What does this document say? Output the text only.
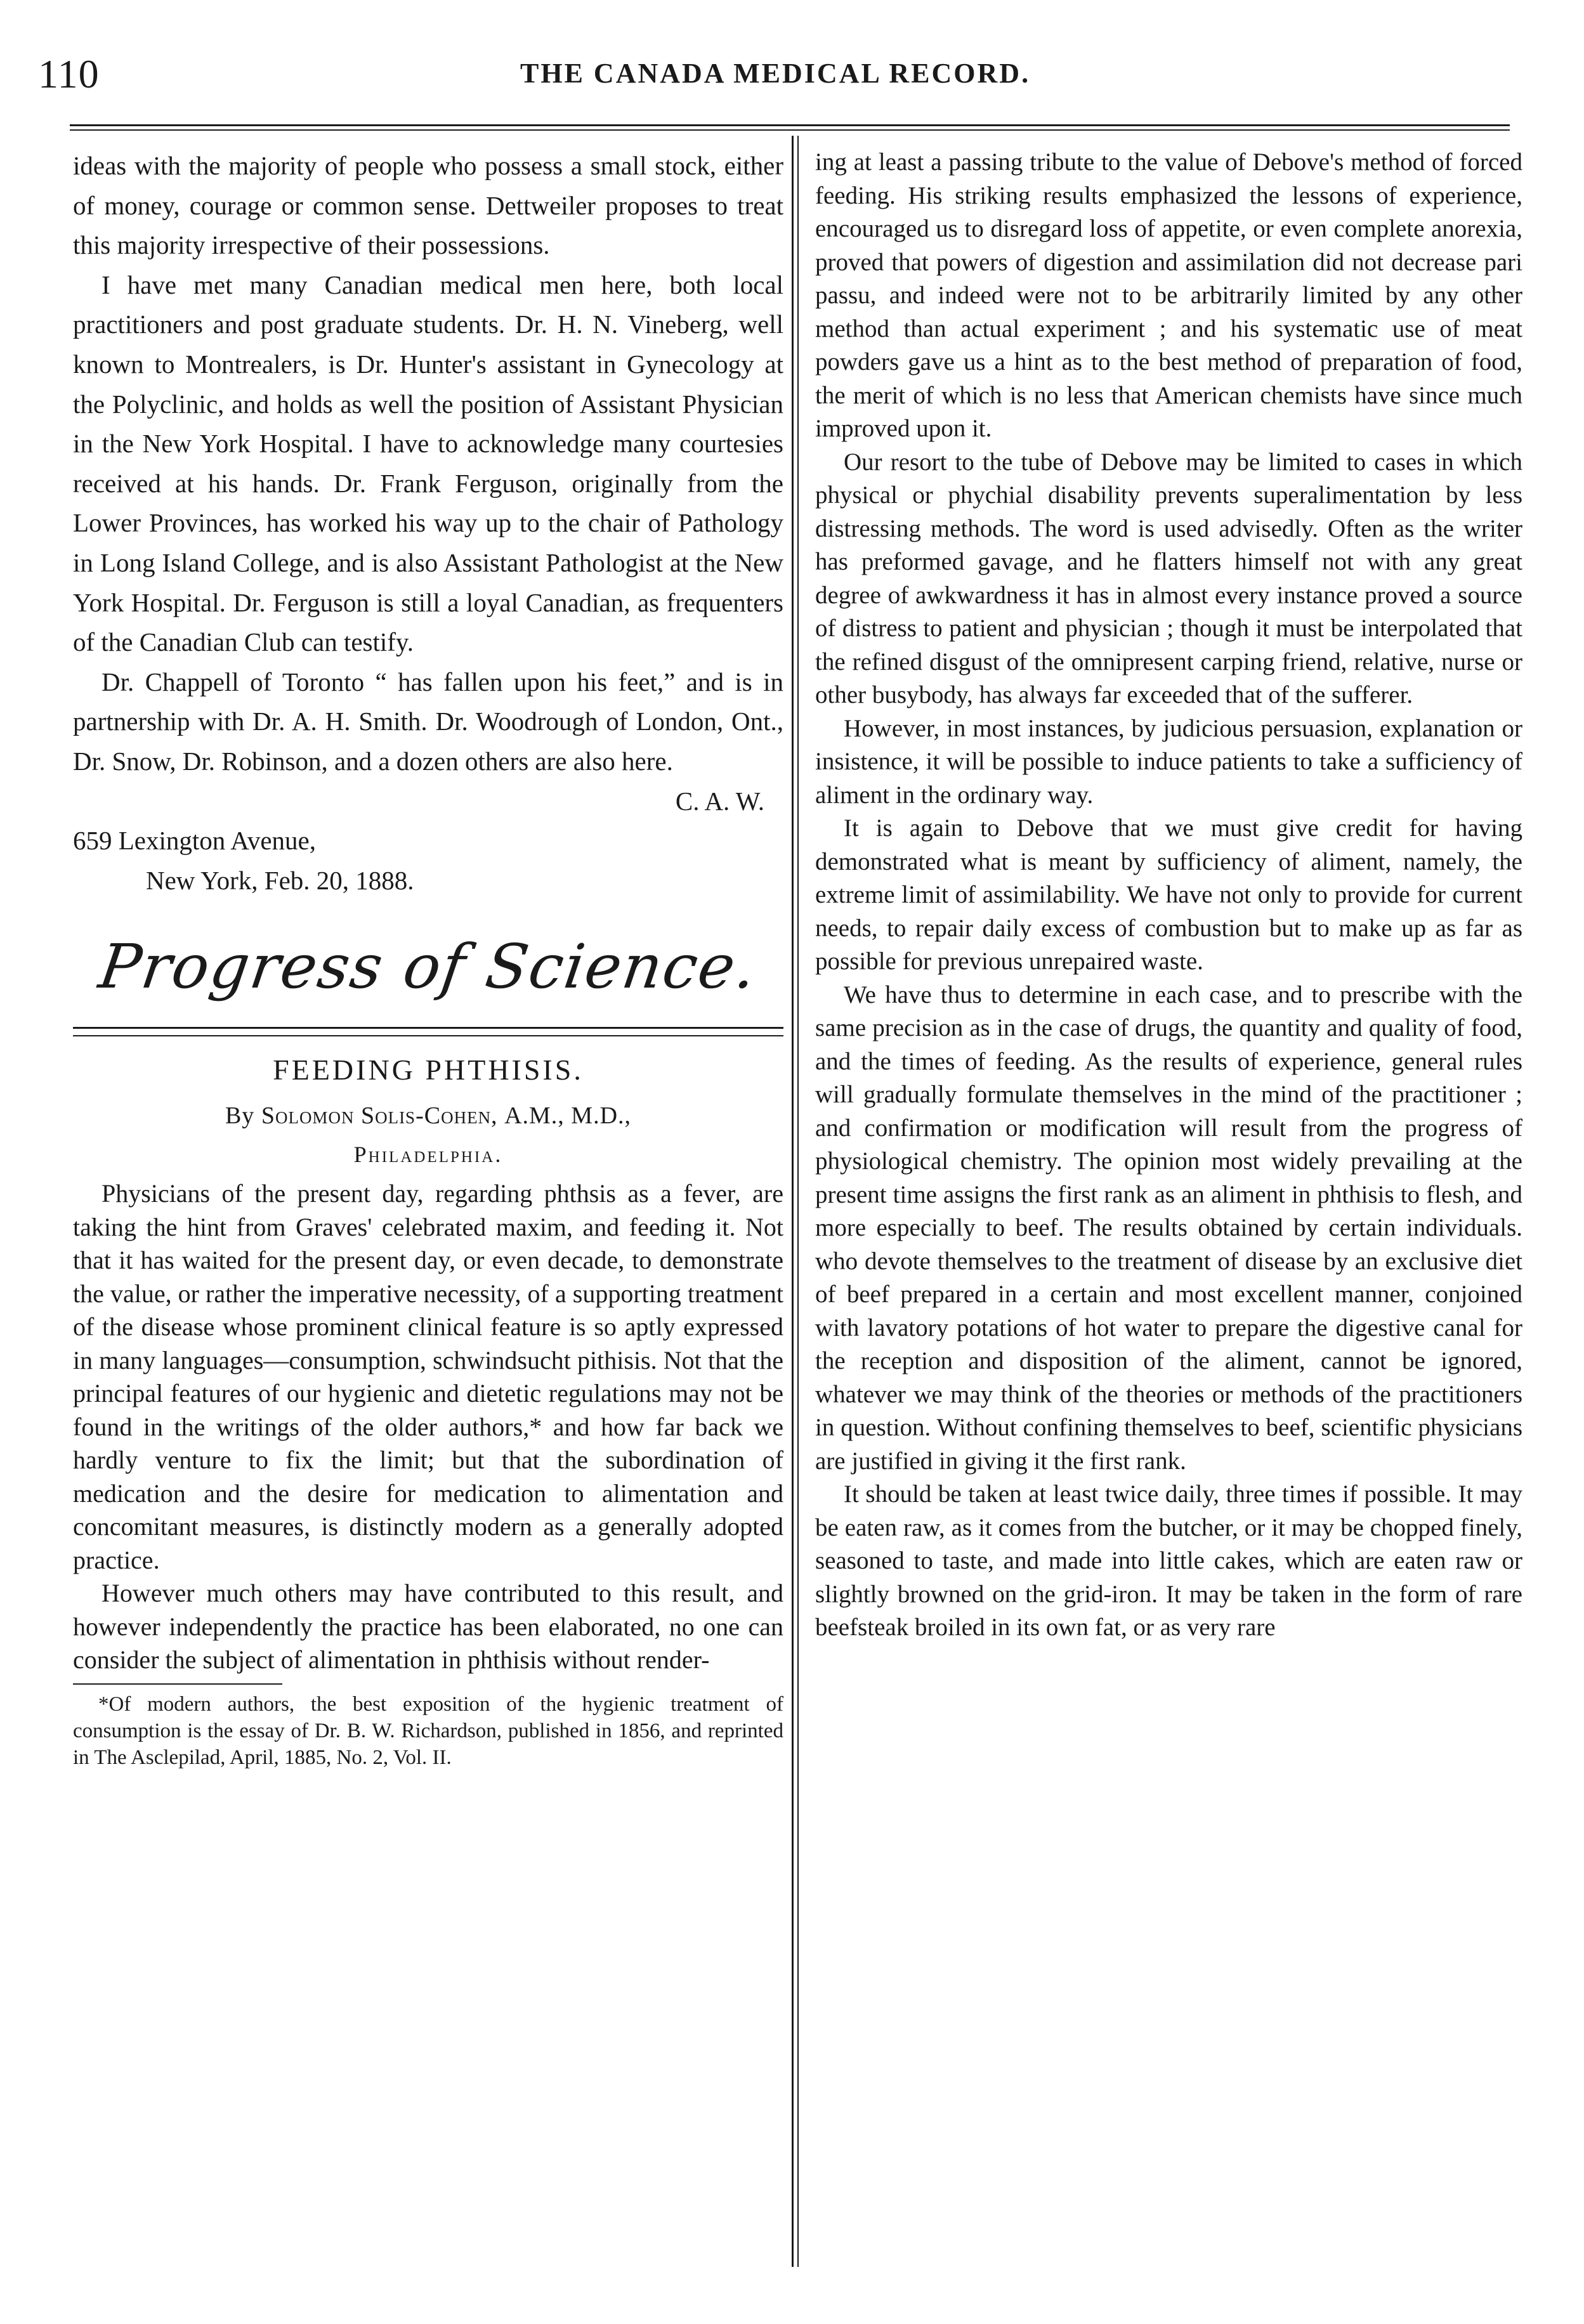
110	THE CANADA MEDICAL RECORD.

ideas with the majority of people who possess a small stock, either of money, courage or common sense. Dettweiler proposes to treat this majority irrespective of their possessions.

I have met many Canadian medical men here, both local practitioners and post graduate students. Dr. H. N. Vineberg, well known to Montrealers, is Dr. Hunter's assistant in Gynecology at the Polyclinic, and holds as well the position of Assistant Physician in the New York Hospital. I have to acknowledge many courtesies received at his hands. Dr. Frank Ferguson, originally from the Lower Provinces, has worked his way up to the chair of Pathology in Long Island College, and is also Assistant Pathologist at the New York Hospital. Dr. Ferguson is still a loyal Canadian, as frequenters of the Canadian Club can testify.

Dr. Chappell of Toronto “ has fallen upon his feet,” and is in partnership with Dr. A. H. Smith. Dr. Woodrough of London, Ont., Dr. Snow, Dr. Robinson, and a dozen others are also here.

C. A. W.

659 Lexington Avenue,
New York, Feb. 20, 1888.

Progress of Science.
FEEDING PHTHISIS.
By Solomon Solis-Cohen, A.M., M.D.,
Philadelphia.

Physicians of the present day, regarding phthsis as a fever, are taking the hint from Graves' celebrated maxim, and feeding it. Not that it has waited for the present day, or even decade, to demonstrate the value, or rather the imperative necessity, of a supporting treatment of the disease whose prominent clinical feature is so aptly expressed in many languages—consumption, schwindsucht pithisis. Not that the principal features of our hygienic and dietetic regulations may not be found in the writings of the older authors,* and how far back we hardly venture to fix the limit; but that the subordination of medication and the desire for medication to alimentation and concomitant measures, is distinctly modern as a generally adopted practice.

However much others may have contributed to this result, and however independently the practice has been elaborated, no one can consider the subject of alimentation in phthisis without render-

*Of modern authors, the best exposition of the hygienic treatment of consumption is the essay of Dr. B. W. Richardson, published in 1856, and reprinted in The Asclepilad, April, 1885, No. 2, Vol. II.

ing at least a passing tribute to the value of Debove's method of forced feeding. His striking results emphasized the lessons of experience, encouraged us to disregard loss of appetite, or even complete anorexia, proved that powers of digestion and assimilation did not decrease pari passu, and indeed were not to be arbitrarily limited by any other method than actual experiment ; and his systematic use of meat powders gave us a hint as to the best method of preparation of food, the merit of which is no less that American chemists have since much improved upon it.

Our resort to the tube of Debove may be limited to cases in which physical or phychial disability prevents superalimentation by less distressing methods. The word is used advisedly. Often as the writer has preformed gavage, and he flatters himself not with any great degree of awkwardness it has in almost every instance proved a source of distress to patient and physician ; though it must be interpolated that the refined disgust of the omnipresent carping friend, relative, nurse or other busybody, has always far exceeded that of the sufferer.

However, in most instances, by judicious persuasion, explanation or insistence, it will be possible to induce patients to take a sufficiency of aliment in the ordinary way.

It is again to Debove that we must give credit for having demonstrated what is meant by sufficiency of aliment, namely, the extreme limit of assimilability. We have not only to provide for current needs, to repair daily excess of combustion but to make up as far as possible for previous unrepaired waste.

We have thus to determine in each case, and to prescribe with the same precision as in the case of drugs, the quantity and quality of food, and the times of feeding. As the results of experience, general rules will gradually formulate themselves in the mind of the practitioner ; and confirmation or modification will result from the progress of physiological chemistry. The opinion most widely prevailing at the present time assigns the first rank as an aliment in phthisis to flesh, and more especially to beef. The results obtained by certain individuals. who devote themselves to the treatment of disease by an exclusive diet of beef prepared in a certain and most excellent manner, conjoined with lavatory potations of hot water to prepare the digestive canal for the reception and disposition of the aliment, cannot be ignored, whatever we may think of the theories or methods of the practitioners in question. Without confining themselves to beef, scientific physicians are justified in giving it the first rank.

It should be taken at least twice daily, three times if possible. It may be eaten raw, as it comes from the butcher, or it may be chopped finely, seasoned to taste, and made into little cakes, which are eaten raw or slightly browned on the grid-iron. It may be taken in the form of rare beefsteak broiled in its own fat, or as very rare
